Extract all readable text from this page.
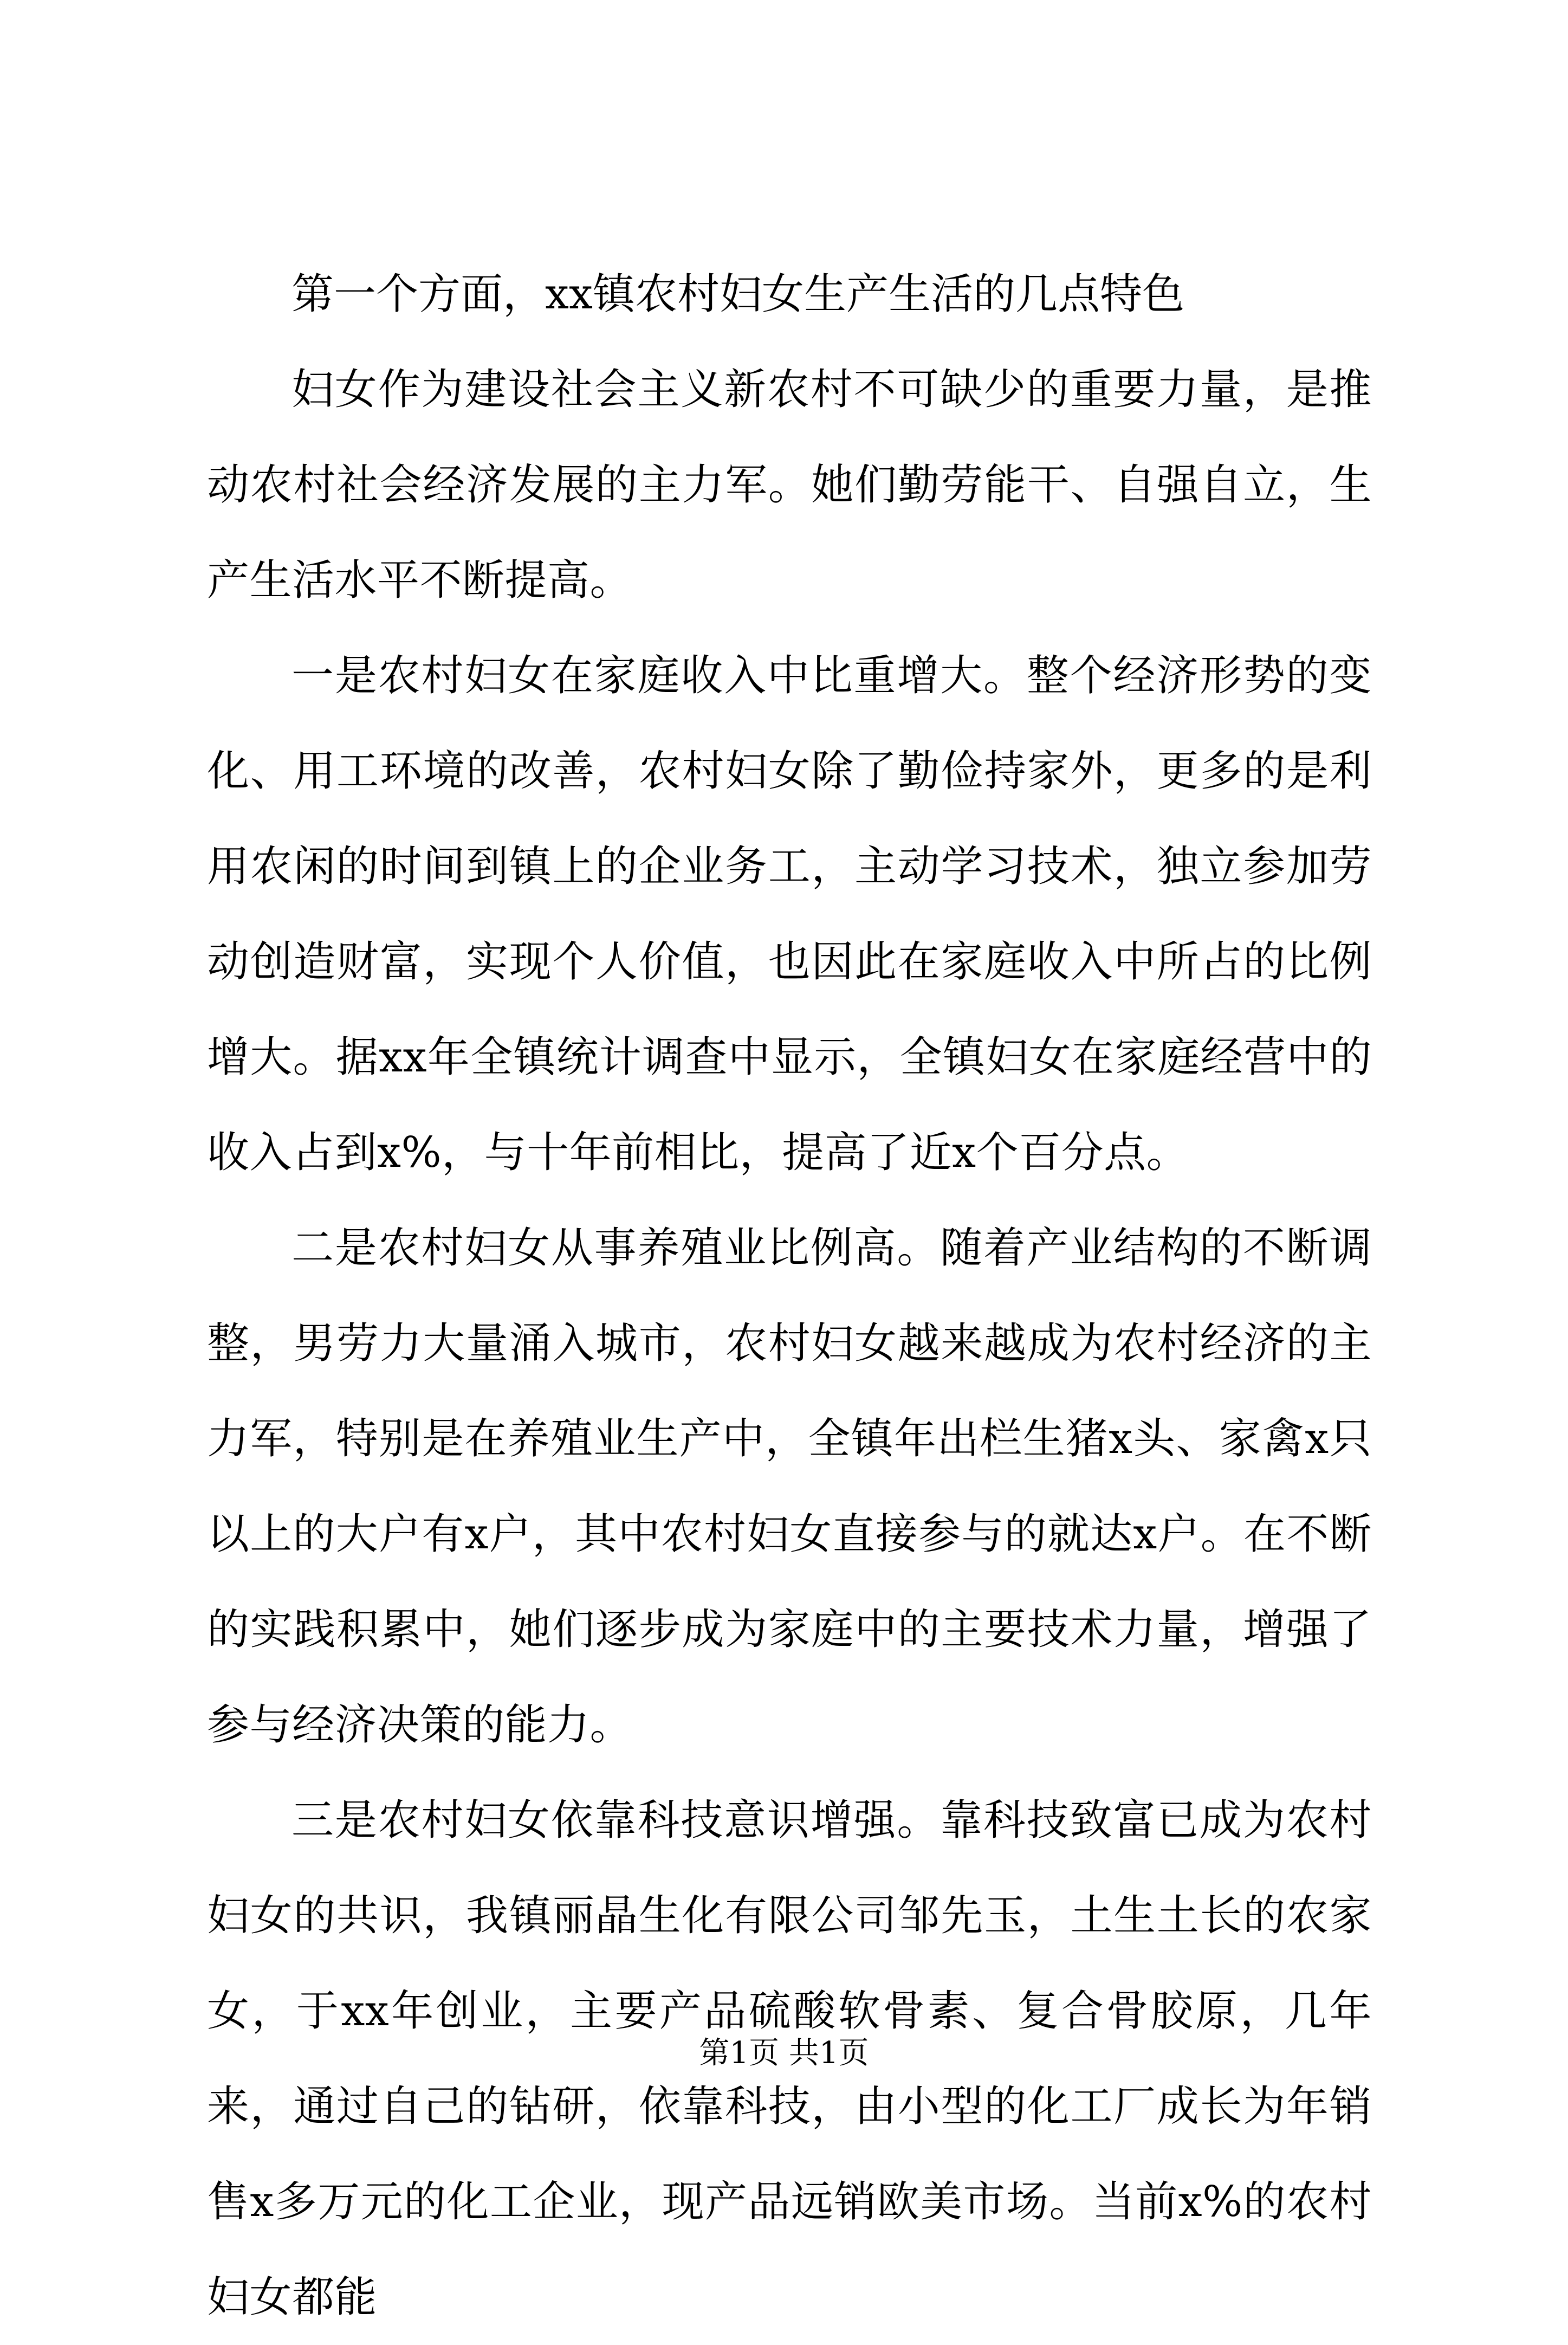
第一个方面，xx镇农村妇女生产生活的几点特色

妇女作为建设社会主义新农村不可缺少的重要力量，是推动农村社会经济发展的主力军。她们勤劳能干、自强自立，生产生活水平不断提高。

一是农村妇女在家庭收入中比重增大。整个经济形势的变化、用工环境的改善，农村妇女除了勤俭持家外，更多的是利用农闲的时间到镇上的企业务工，主动学习技术，独立参加劳动创造财富，实现个人价值，也因此在家庭收入中所占的比例增大。据xx年全镇统计调查中显示，全镇妇女在家庭经营中的收入占到x%，与十年前相比，提高了近x个百分点。

二是农村妇女从事养殖业比例高。随着产业结构的不断调整，男劳力大量涌入城市，农村妇女越来越成为农村经济的主力军，特别是在养殖业生产中，全镇年出栏生猪x头、家禽x只以上的大户有x户，其中农村妇女直接参与的就达x户。在不断的实践积累中，她们逐步成为家庭中的主要技术力量，增强了参与经济决策的能力。

三是农村妇女依靠科技意识增强。靠科技致富已成为农村妇女的共识，我镇丽晶生化有限公司邹先玉，土生土长的农家女，于xx年创业，主要产品硫酸软骨素、复合骨胶原，几年来，通过自己的钻研，依靠科技，由小型的化工厂成长为年销售x多万元的化工企业，现产品远销欧美市场。当前x%的农村妇女都能

第1页 共1页
